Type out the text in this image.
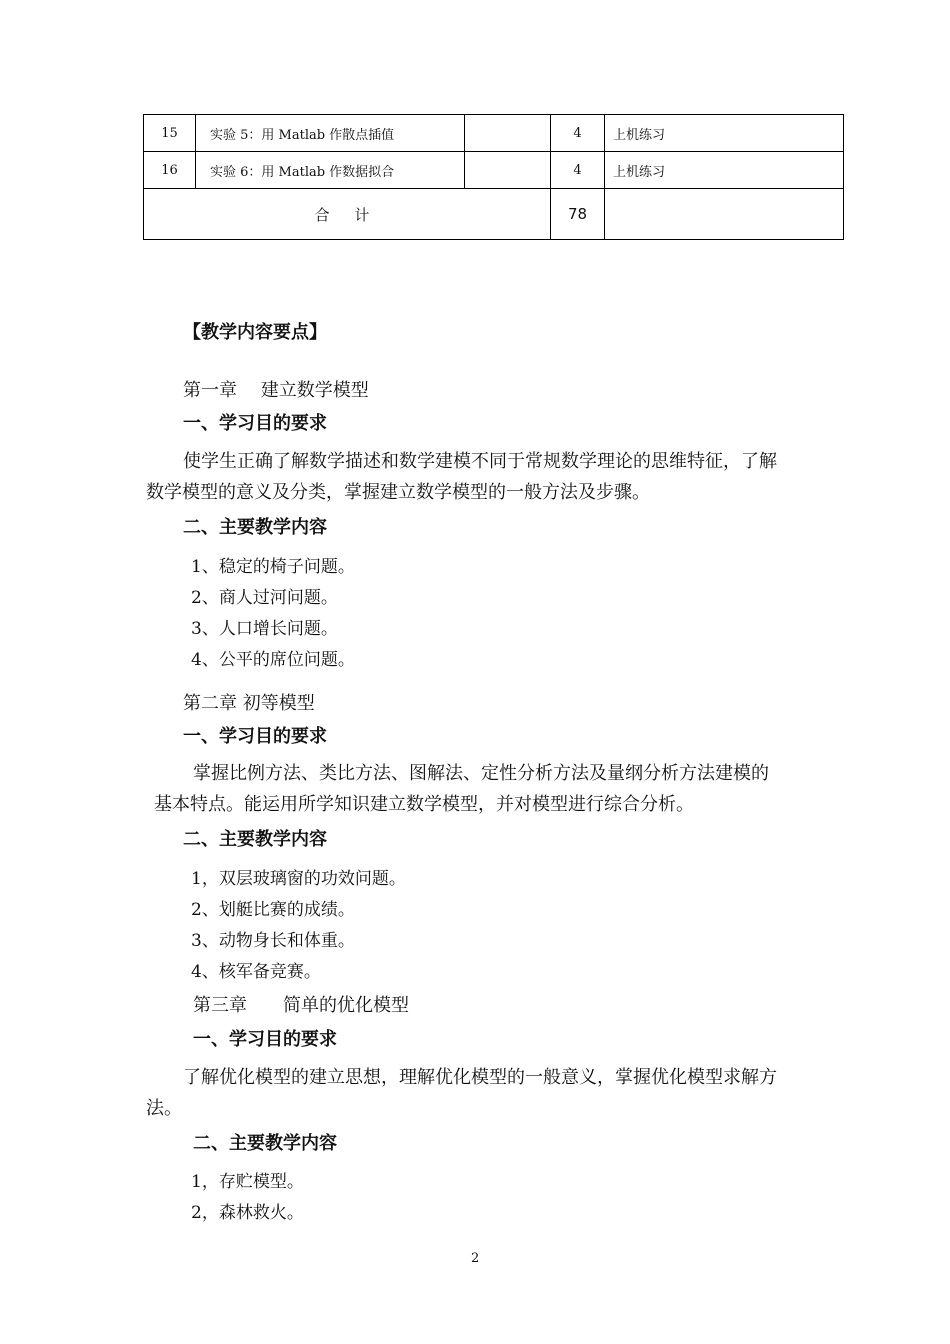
15	实验 5：用 Matlab 作散点插值		4	上机练习
16	实验 6：用 Matlab 作数据拟合		4	上机练习
合 计			78	
【教学内容要点】
第一章　 建立数学模型
一、学习目的要求
使学生正确了解数学描述和数学建模不同于常规数学理论的思维特征，了解
数学模型的意义及分类，掌握建立数学模型的一般方法及步骤。
二、主要教学内容
1、稳定的椅子问题。
2、商人过河问题。
3、人口增长问题。
4、公平的席位问题。
第二章 初等模型
一、学习目的要求
掌握比例方法、类比方法、图解法、定性分析方法及量纲分析方法建模的
基本特点。能运用所学知识建立数学模型，并对模型进行综合分析。
二、主要教学内容
1，双层玻璃窗的功效问题。
2、划艇比赛的成绩。
3、动物身长和体重。
4、核军备竞赛。
第三章　　简单的优化模型
一、学习目的要求
了解优化模型的建立思想，理解优化模型的一般意义，掌握优化模型求解方
法。
二、主要教学内容
1，存贮模型。
2，森林救火。
2
